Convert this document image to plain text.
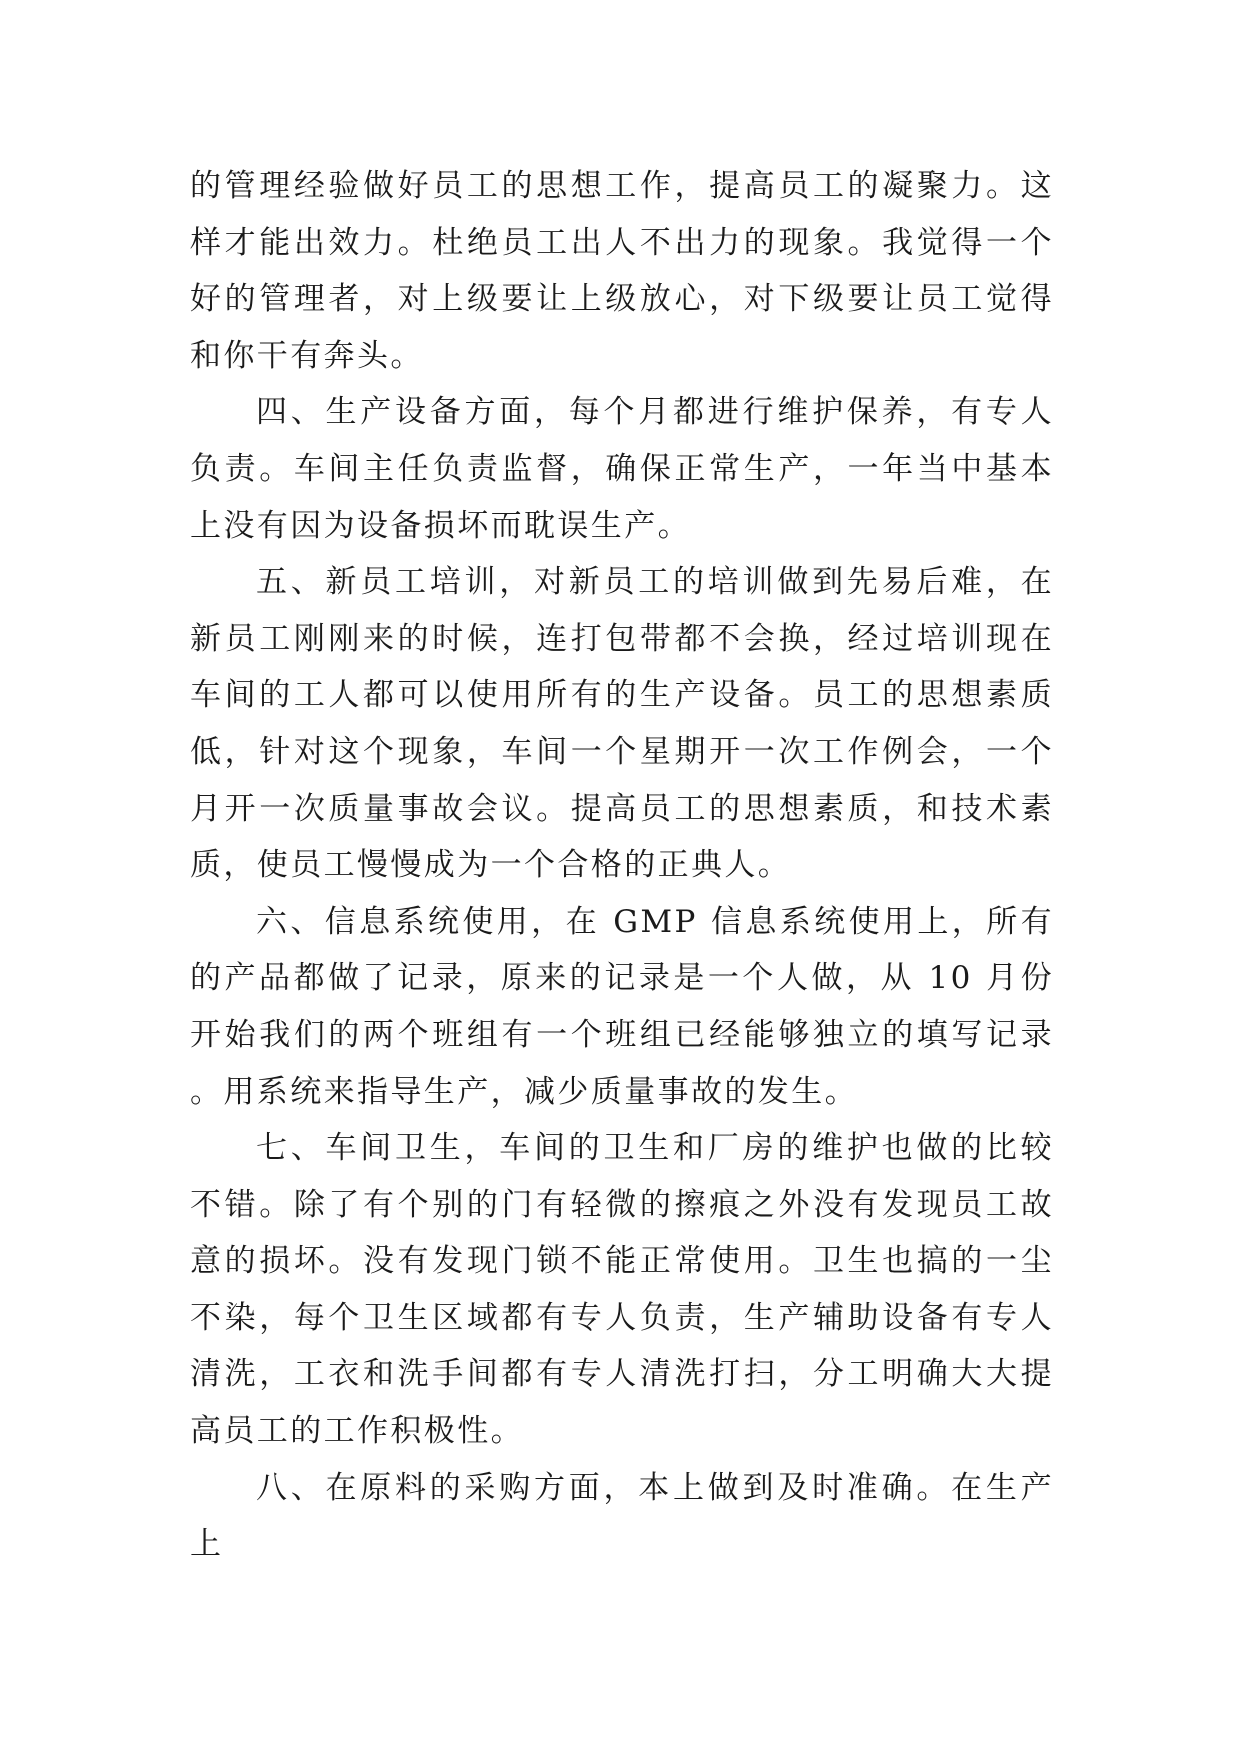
的管理经验做好员工的思想工作，提高员工的凝聚力。这样才能出效力。杜绝员工出人不出力的现象。我觉得一个好的管理者，对上级要让上级放心，对下级要让员工觉得和你干有奔头。

四、生产设备方面，每个月都进行维护保养，有专人负责。车间主任负责监督，确保正常生产，一年当中基本上没有因为设备损坏而耽误生产。

五、新员工培训，对新员工的培训做到先易后难，在新员工刚刚来的时候，连打包带都不会换，经过培训现在车间的工人都可以使用所有的生产设备。员工的思想素质低，针对这个现象，车间一个星期开一次工作例会，一个月开一次质量事故会议。提高员工的思想素质，和技术素质，使员工慢慢成为一个合格的正典人。

六、信息系统使用，在 GMP 信息系统使用上，所有的产品都做了记录，原来的记录是一个人做，从 10 月份开始我们的两个班组有一个班组已经能够独立的填写记录。用系统来指导生产，减少质量事故的发生。

七、车间卫生，车间的卫生和厂房的维护也做的比较不错。除了有个别的门有轻微的擦痕之外没有发现员工故意的损坏。没有发现门锁不能正常使用。卫生也搞的一尘不染，每个卫生区域都有专人负责，生产辅助设备有专人清洗，工衣和洗手间都有专人清洗打扫，分工明确大大提高员工的工作积极性。

八、在原料的采购方面，本上做到及时准确。在生产上
